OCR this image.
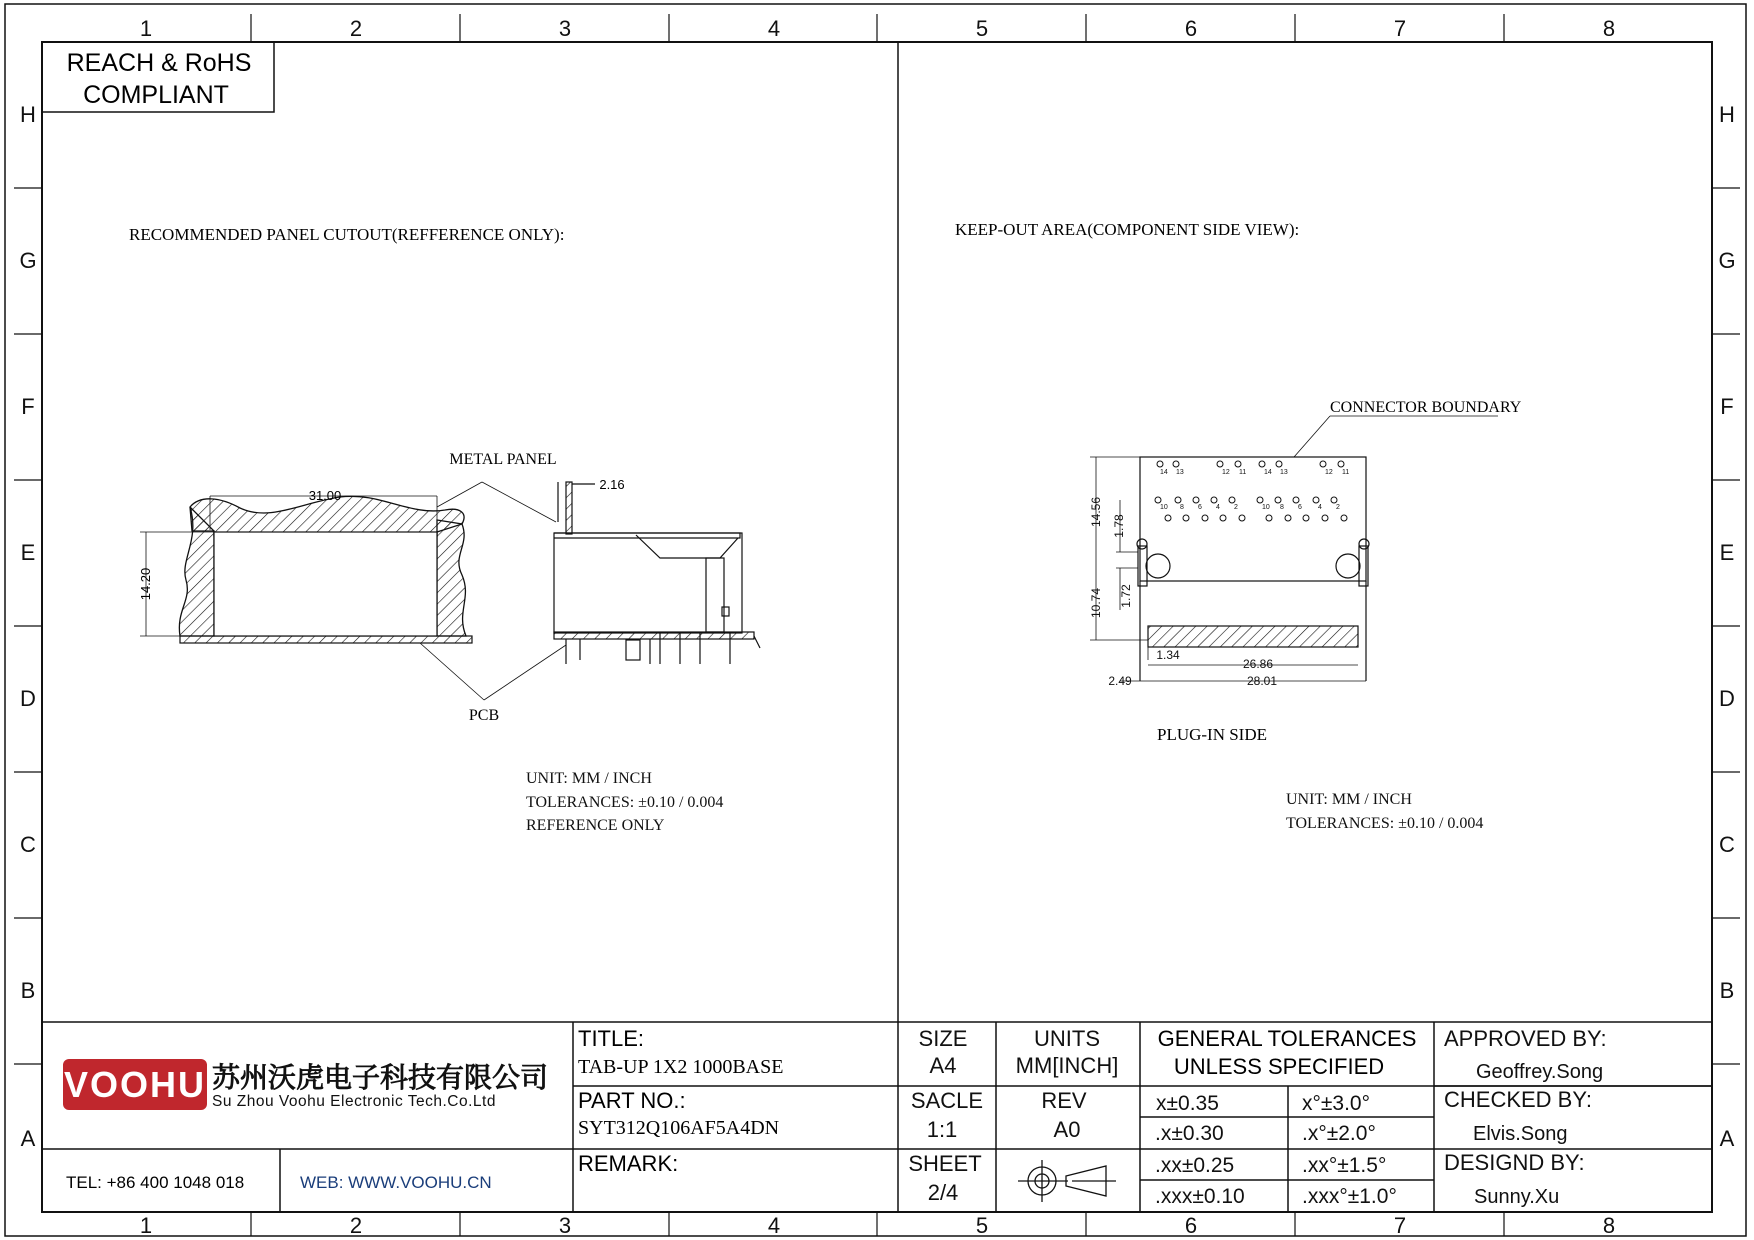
1	2	3	4	5	6	7	8
1	2	3	4	5	6	7	8
H
G
F
E
D
C
B
A
H
G
F
E
D
C
B
A
REACH & RoHS
COMPLIANT
RECOMMENDED PANEL CUTOUT(REFFERENCE ONLY):
31.00
14.20
METAL PANEL
PCB
2.16
UNIT: MM / INCH
TOLERANCES: ±0.10 / 0.004
REFERENCE ONLY
KEEP-OUT AREA(COMPONENT SIDE VIEW):
CONNECTOR BOUNDARY
14 13	12 11	14 13	12 11
10 8 6 4 2	10 8 6 4 2
14.56 1.78
10.74 1.72
1.34
26.86
2.49	28.01
PLUG-IN SIDE
UNIT: MM / INCH
TOLERANCES: ±0.10 / 0.004
VOOHU 苏州沃虎电子科技有限公司
Su Zhou Voohu Electronic Tech.Co.Ltd
TEL: +86 400 1048 018	WEB: WWW.VOOHU.CN
TITLE:
TAB-UP 1X2 1000BASE
PART NO.:
SYT312Q106AF5A4DN
REMARK:
SIZE
A4
UNITS
MM[INCH]
SACLE
1:1
REV
A0
SHEET
2/4
GENERAL TOLERANCES
UNLESS SPECIFIED
x±0.35	x°±3.0°
.x±0.30	.x°±2.0°
.xx±0.25	.xx°±1.5°
.xxx±0.10	.xxx°±1.0°
APPROVED BY:
Geoffrey.Song
CHECKED BY:
Elvis.Song
DESIGND BY:
Sunny.Xu
